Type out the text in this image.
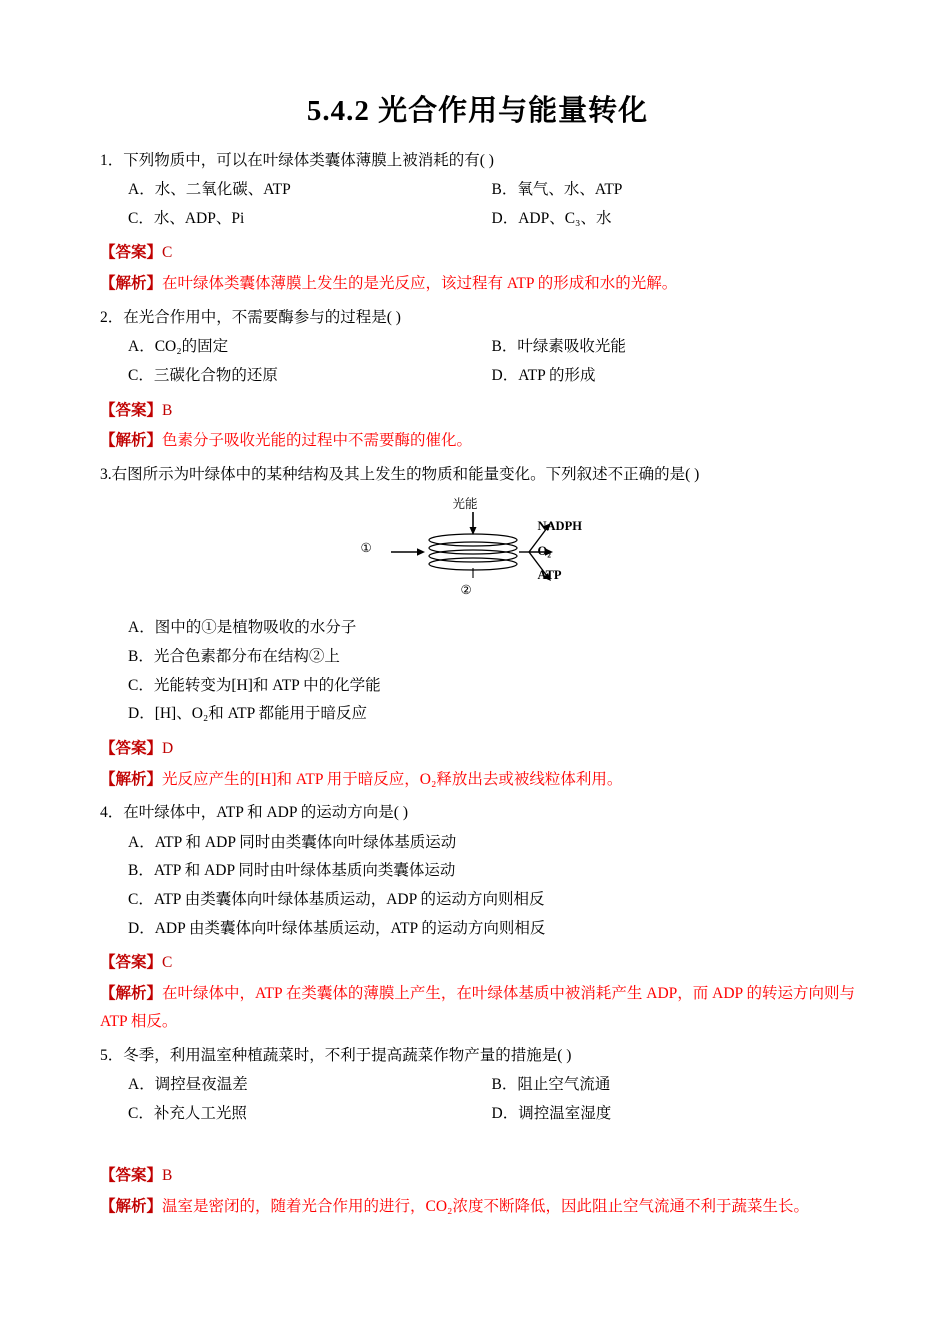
5.4.2 光合作用与能量转化
1．下列物质中，可以在叶绿体类囊体薄膜上被消耗的有( )
A．水、二氧化碳、ATP	B．氧气、水、ATP
C．水、ADP、Pi	D．ADP、C₃、水
【答案】C
【解析】在叶绿体类囊体薄膜上发生的是光反应，该过程有 ATP 的形成和水的光解。
2．在光合作用中，不需要酶参与的过程是( )
A．CO₂的固定	B．叶绿素吸收光能
C．三碳化合物的还原	D．ATP 的形成
【答案】B
【解析】色素分子吸收光能的过程中不需要酶的催化。
3.右图所示为叶绿体中的某种结构及其上发生的物质和能量变化。下列叙述不正确的是( )
光能
①
②
NADPH
O₂
ATP
A．图中的①是植物吸收的水分子
B．光合色素都分布在结构②上
C．光能转变为[H]和 ATP 中的化学能
D．[H]、O₂和 ATP 都能用于暗反应
【答案】D
【解析】光反应产生的[H]和 ATP 用于暗反应，O₂释放出去或被线粒体利用。
4．在叶绿体中，ATP 和 ADP 的运动方向是( )
A．ATP 和 ADP 同时由类囊体向叶绿体基质运动
B．ATP 和 ADP 同时由叶绿体基质向类囊体运动
C．ATP 由类囊体向叶绿体基质运动，ADP 的运动方向则相反
D．ADP 由类囊体向叶绿体基质运动，ATP 的运动方向则相反
【答案】C
【解析】在叶绿体中，ATP 在类囊体的薄膜上产生，在叶绿体基质中被消耗产生 ADP，而 ADP 的转运方向则与 ATP 相反。
5．冬季，利用温室种植蔬菜时，不利于提高蔬菜作物产量的措施是( )
A．调控昼夜温差	B．阻止空气流通
C．补充人工光照	D．调控温室湿度
【答案】B
【解析】温室是密闭的，随着光合作用的进行，CO₂浓度不断降低，因此阻止空气流通不利于蔬菜生长。
